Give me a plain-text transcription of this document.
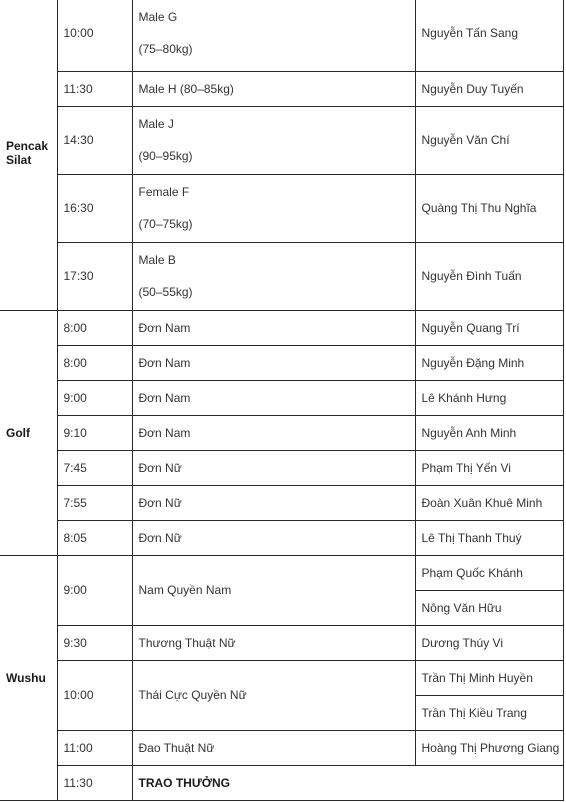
Pencak Silat	10:00	Male G
(75–80kg)	Nguyễn Tấn Sang
	11:30	Male H (80–85kg)	Nguyễn Duy Tuyến
	14:30	Male J
(90–95kg)	Nguyễn Văn Chí
	16:30	Female F
(70–75kg)	Quàng Thị Thu Nghĩa
	17:30	Male B
(50–55kg)	Nguyễn Đình Tuấn
Golf	8:00	Đơn Nam	Nguyễn Quang Trí
	8:00	Đơn Nam	Nguyễn Đặng Minh
	9:00	Đơn Nam	Lê Khánh Hưng
	9:10	Đơn Nam	Nguyễn Anh Minh
	7:45	Đơn Nữ	Phạm Thị Yến Vi
	7:55	Đơn Nữ	Đoàn Xuân Khuê Minh
	8:05	Đơn Nữ	Lê Thị Thanh Thuý
Wushu	9:00	Nam Quyền Nam	Phạm Quốc Khánh
			Nông Văn Hữu
	9:30	Thương Thuật Nữ	Dương Thúy Vi
	10:00	Thái Cực Quyền Nữ	Trần Thị Minh Huyền
			Trần Thị Kiều Trang
	11:00	Đao Thuật Nữ	Hoàng Thị Phương Giang
	11:30	TRAO THƯỞNG	
